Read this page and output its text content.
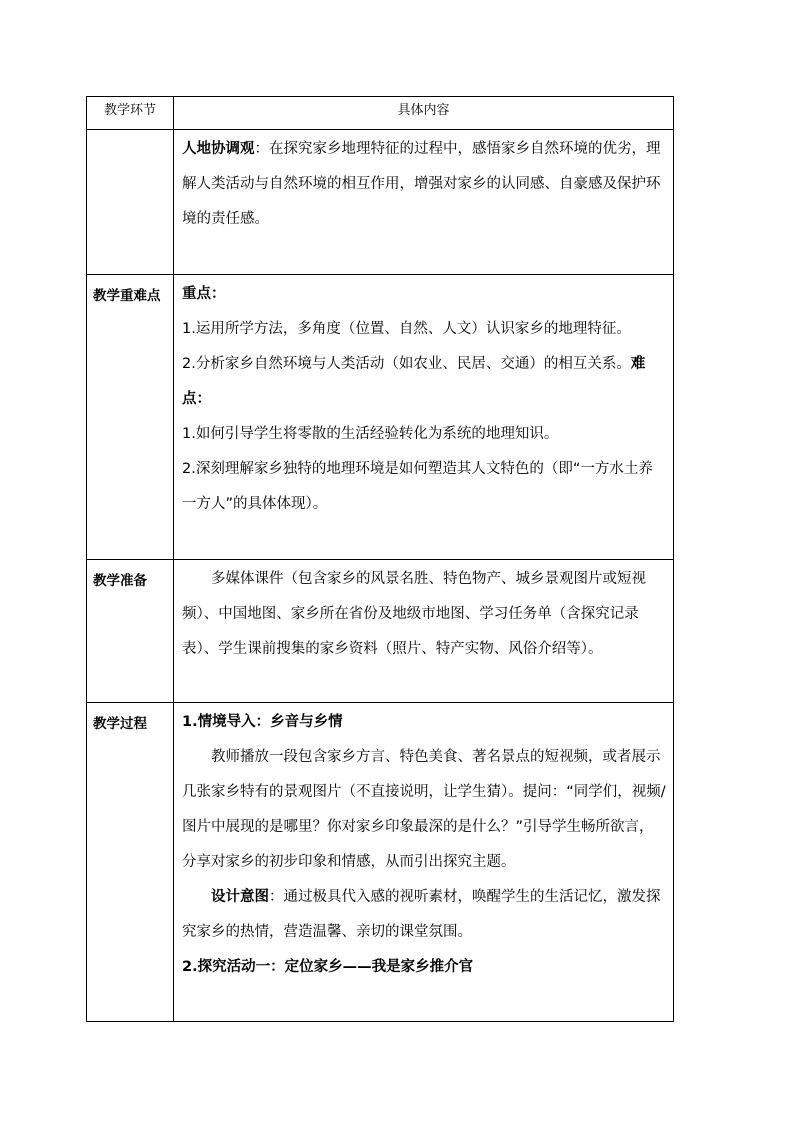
教学环节	具体内容

	人地协调观：在探究家乡地理特征的过程中，感悟家乡自然环境的优劣，理解人类活动与自然环境的相互作用，增强对家乡的认同感、自豪感及保护环境的责任感。

教学重难点	重点：

1.运用所学方法，多角度（位置、自然、人文）认识家乡的地理特征。

2.分析家乡自然环境与人类活动（如农业、民居、交通）的相互关系。难点：

1.如何引导学生将零散的生活经验转化为系统的地理知识。

2.深刻理解家乡独特的地理环境是如何塑造其人文特色的（即“一方水土养一方人”的具体体现）。

教学准备	多媒体课件（包含家乡的风景名胜、特色物产、城乡景观图片或短视频）、中国地图、家乡所在省份及地级市地图、学习任务单（含探究记录表）、学生课前搜集的家乡资料（照片、特产实物、风俗介绍等）。

教学过程	1.情境导入：乡音与乡情

教师播放一段包含家乡方言、特色美食、著名景点的短视频，或者展示几张家乡特有的景观图片（不直接说明，让学生猜）。提问：“同学们，视频/图片中展现的是哪里？你对家乡印象最深的是什么？”引导学生畅所欲言，分享对家乡的初步印象和情感，从而引出探究主题。

设计意图：通过极具代入感的视听素材，唤醒学生的生活记忆，激发探究家乡的热情，营造温馨、亲切的课堂氛围。

2.探究活动一：定位家乡——我是家乡推介官
